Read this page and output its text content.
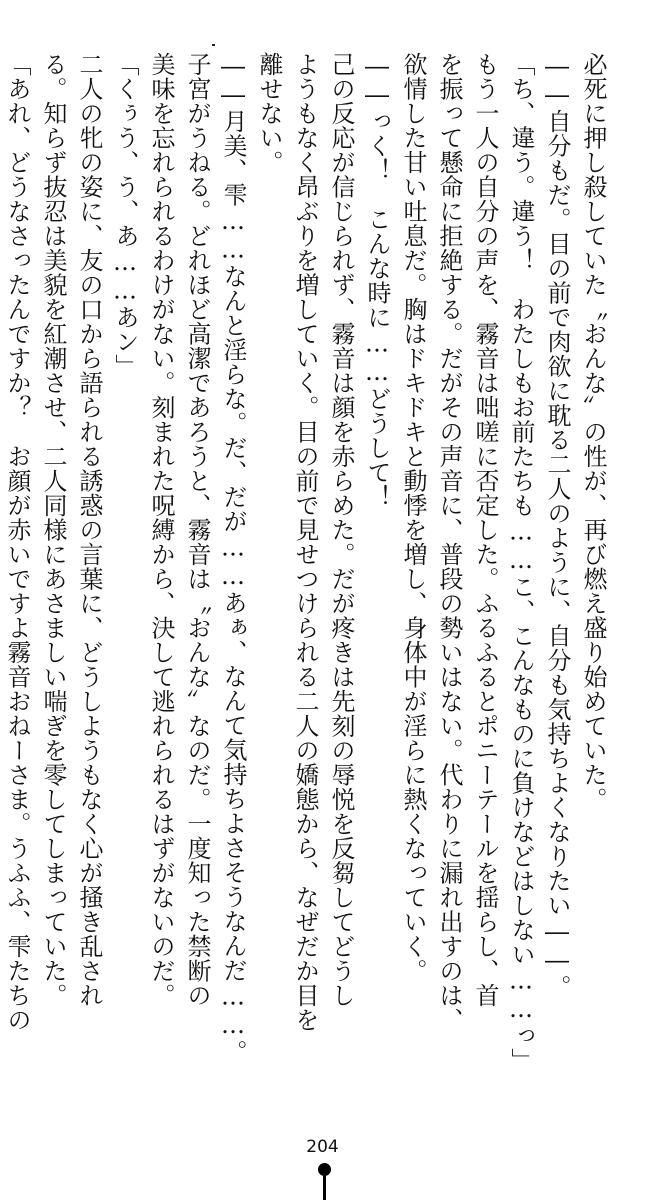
必死に押し殺していた〝おんな〟の性が、再び燃え盛り始めていた。
――自分もだ。目の前で肉欲に耽る二人のように、自分も気持ちよくなりたい――。
「ち、違う。違う！　わたしもお前たちも……こ、こんなものに負けなどはしない……っ」
もう一人の自分の声を、霧音は咄嗟に否定した。ふるふるとポニーテールを揺らし、首
を振って懸命に拒絶する。だがその声音に、普段の勢いはない。代わりに漏れ出すのは、
欲情した甘い吐息だ。胸はドキドキと動悸を増し、身体中が淫らに熱くなっていく。
――っく！　こんな時に……どうして！
己の反応が信じられず、霧音は顔を赤らめた。だが疼きは先刻の辱悦を反芻してどうし
ようもなく昂ぶりを増していく。目の前で見せつけられる二人の嬌態から、なぜだか目を
離せない。
――月美、雫……なんと淫らな。だ、だが……あぁ、なんて気持ちよさそうなんだ……。
子宮がうねる。どれほど高潔であろうと、霧音は〝おんな〟なのだ。一度知った禁断の
美味を忘れられるわけがない。刻まれた呪縛から、決して逃れられるはずがないのだ。
「くぅう、う、あ……あン」
二人の牝の姿に、友の口から語られる誘惑の言葉に、どうしようもなく心が掻き乱され
る。知らず抜忍は美貌を紅潮させ、二人同様にあさましい喘ぎを零してしまっていた。
「あれ、どうなさったんですか？　お顔が赤いですよ霧音おねーさま。うふふ、雫たちの
204
